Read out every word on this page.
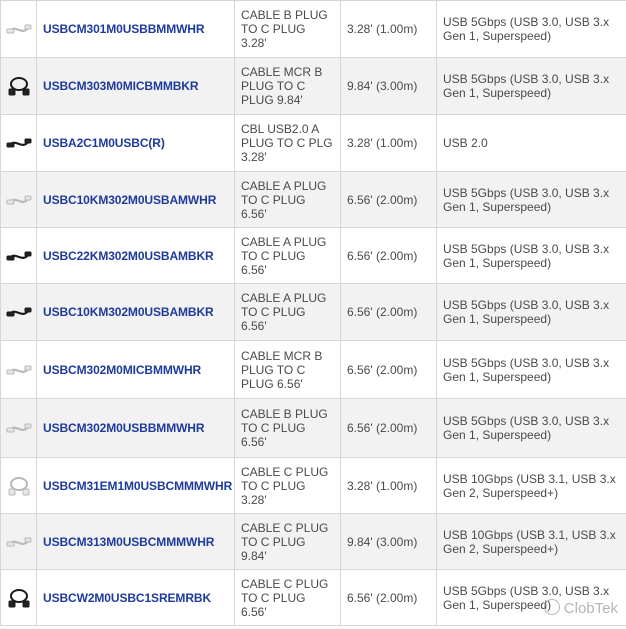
	USBCM301M0USBBMMWHR	CABLE B PLUG TO C PLUG 3.28'	3.28' (1.00m)	USB 5Gbps (USB 3.0, USB 3.x Gen 1, Superspeed)

	USBCM303M0MICBMMBKR	CABLE MCR B PLUG TO C PLUG 9.84'	9.84' (3.00m)	USB 5Gbps (USB 3.0, USB 3.x Gen 1, Superspeed)

	USBA2C1M0USBC(R)	CBL USB2.0 A PLUG TO C PLG 3.28'	3.28' (1.00m)	USB 2.0

	USBC10KM302M0USBAMWHR	CABLE A PLUG TO C PLUG 6.56'	6.56' (2.00m)	USB 5Gbps (USB 3.0, USB 3.x Gen 1, Superspeed)

	USBC22KM302M0USBAMBKR	CABLE A PLUG TO C PLUG 6.56'	6.56' (2.00m)	USB 5Gbps (USB 3.0, USB 3.x Gen 1, Superspeed)

	USBC10KM302M0USBAMBKR	CABLE A PLUG TO C PLUG 6.56'	6.56' (2.00m)	USB 5Gbps (USB 3.0, USB 3.x Gen 1, Superspeed)

	USBCM302M0MICBMMWHR	CABLE MCR B PLUG TO C PLUG 6.56'	6.56' (2.00m)	USB 5Gbps (USB 3.0, USB 3.x Gen 1, Superspeed)

	USBCM302M0USBBMMWHR	CABLE B PLUG TO C PLUG 6.56'	6.56' (2.00m)	USB 5Gbps (USB 3.0, USB 3.x Gen 1, Superspeed)

	USBCM31EM1M0USBCMMMWHR	CABLE C PLUG TO C PLUG 3.28'	3.28' (1.00m)	USB 10Gbps (USB 3.1, USB 3.x Gen 2, Superspeed+)

	USBCM313M0USBCMMMWHR	CABLE C PLUG TO C PLUG 9.84'	9.84' (3.00m)	USB 10Gbps (USB 3.1, USB 3.x Gen 2, Superspeed+)

	USBCW2M0USBC1SREMRBK	CABLE C PLUG TO C PLUG 6.56'	6.56' (2.00m)	USB 5Gbps (USB 3.0, USB 3.x Gen 1, Superspeed) ClobTek
